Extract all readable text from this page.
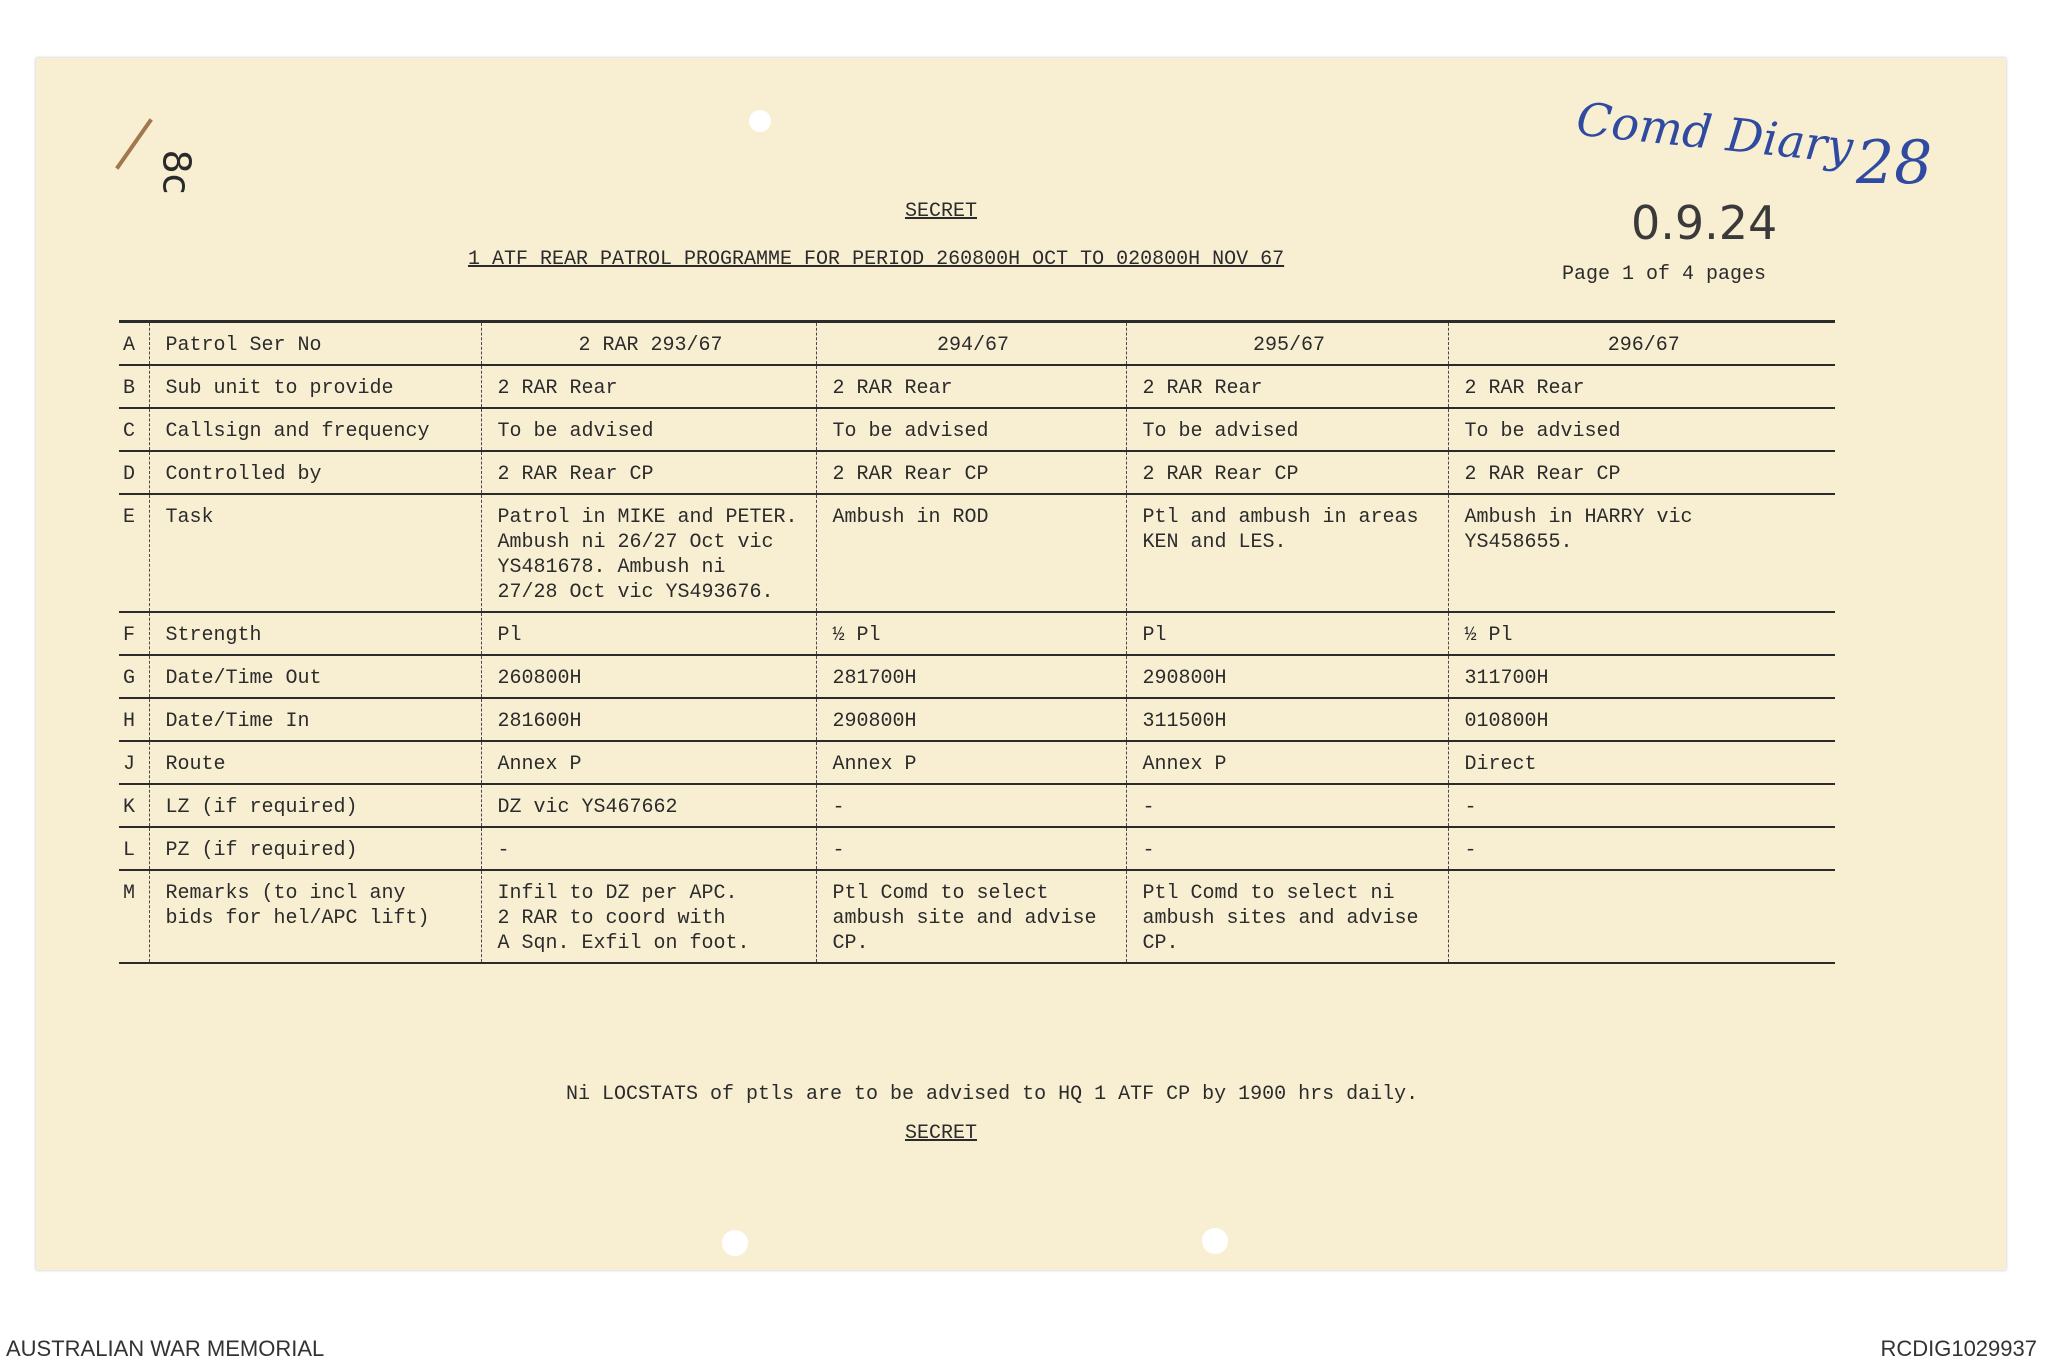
8c	Comd Diary 28
0.9.24
SECRET
1 ATF REAR PATROL PROGRAMME FOR PERIOD 260800H OCT TO 020800H NOV 67
Page 1 of 4 pages
A	Patrol Ser No	2 RAR 293/67	294/67	295/67	296/67
B	Sub unit to provide	2 RAR Rear	2 RAR Rear	2 RAR Rear	2 RAR Rear
C	Callsign and frequency	To be advised	To be advised	To be advised	To be advised
D	Controlled by	2 RAR Rear CP	2 RAR Rear CP	2 RAR Rear CP	2 RAR Rear CP
E	Task	Patrol in MIKE and PETER.
Ambush ni 26/27 Oct vic
YS481678. Ambush ni
27/28 Oct vic YS493676.	Ambush in ROD	Ptl and ambush in areas
KEN and LES.	Ambush in HARRY vic
YS458655.
F	Strength	Pl	½ Pl	Pl	½ Pl
G	Date/Time Out	260800H	281700H	290800H	311700H
H	Date/Time In	281600H	290800H	311500H	010800H
J	Route	Annex P	Annex P	Annex P	Direct
K	LZ (if required)	DZ vic YS467662	-	-	-
L	PZ (if required)	-	-	-	-
M	Remarks (to incl any
bids for hel/APC lift)	Infil to DZ per APC.
2 RAR to coord with
A Sqn. Exfil on foot.	Ptl Comd to select
ambush site and advise
CP.	Ptl Comd to select ni
ambush sites and advise
CP.	
Ni LOCSTATS of ptls are to be advised to HQ 1 ATF CP by 1900 hrs daily.
SECRET
AUSTRALIAN WAR MEMORIAL	RCDIG1029937
